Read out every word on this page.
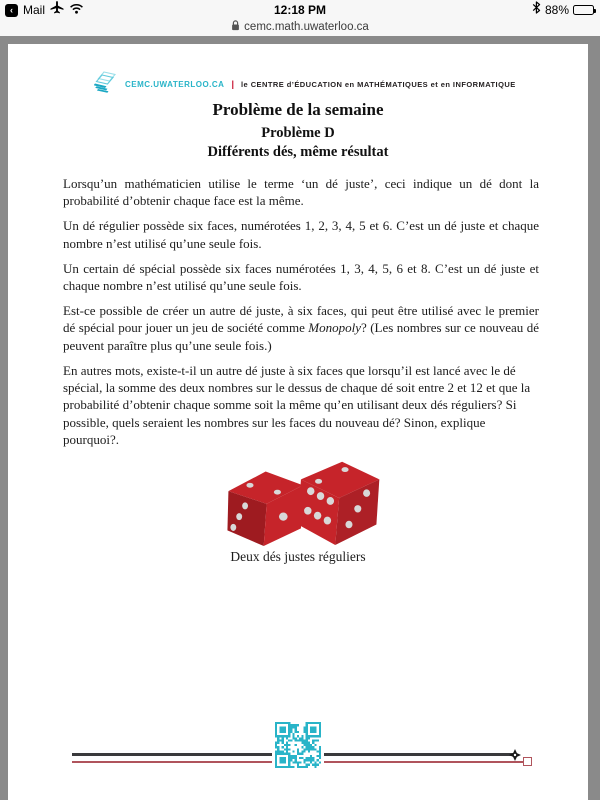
‹ Mail	12:18 PM	88%
cemc.math.uwaterloo.ca
CEMC.UWATERLOO.CA | le CENTRE d’ÉDUCATION en MATHÉMATIQUES et en INFORMATIQUE
Problème de la semaine
Problème D
Différents dés, même résultat

Lorsqu’un mathématicien utilise le terme ‘un dé juste’, ceci indique un dé dont la probabilité d’obtenir chaque face est la même.

Un dé régulier possède six faces, numérotées 1, 2, 3, 4, 5 et 6. C’est un dé juste et chaque nombre n’est utilisé qu’une seule fois.

Un certain dé spécial possède six faces numérotées 1, 3, 4, 5, 6 et 8. C’est un dé juste et chaque nombre n’est utilisé qu’une seule fois.

Est-ce possible de créer un autre dé juste, à six faces, qui peut être utilisé avec le premier dé spécial pour jouer un jeu de société comme Monopoly? (Les nombres sur ce nouveau dé peuvent paraître plus qu’une seule fois.)

En autres mots, existe-t-il un autre dé juste à six faces que lorsqu’il est lancé avec le dé spécial, la somme des deux nombres sur le dessus de chaque dé soit entre 2 et 12 et que la probabilité d’obtenir chaque somme soit la même qu’en utilisant deux dés réguliers? Si possible, quels seraient les nombres sur les faces du nouveau dé? Sinon, explique pourquoi?.

Deux dés justes réguliers
